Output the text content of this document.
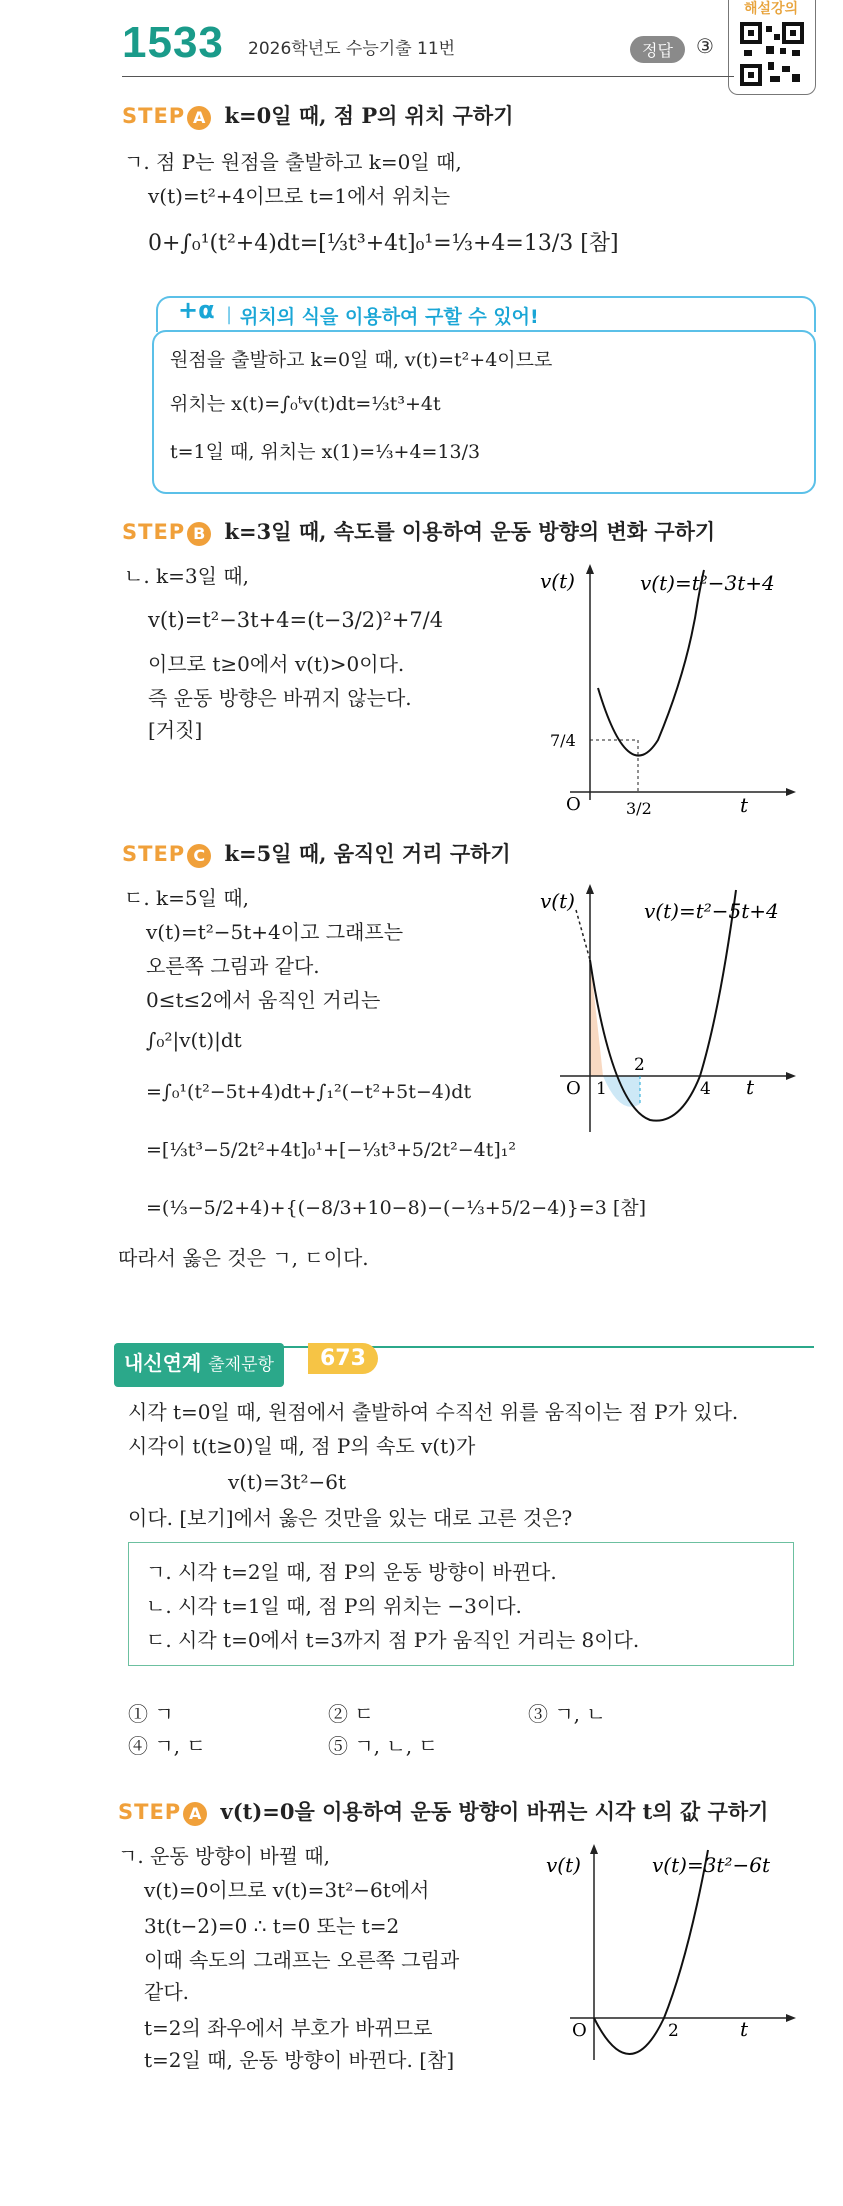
1533 2026학년도 수능기출 11번	정답	③
해설강의
STEP A k=0일 때, 점 P의 위치 구하기
ㄱ. 점 P는 원점을 출발하고 k=0일 때,
v(t)=t²+4이므로 t=1에서 위치는
0+∫₀¹(t²+4)dt=[⅓t³+4t]₀¹=⅓+4=13/3 [참]
+α | 위치의 식을 이용하여 구할 수 있어!
원점을 출발하고 k=0일 때, v(t)=t²+4이므로
위치는 x(t)=∫₀ᵗv(t)dt=⅓t³+4t
t=1일 때, 위치는 x(1)=⅓+4=13/3
STEP B k=3일 때, 속도를 이용하여 운동 방향의 변화 구하기
ㄴ. k=3일 때,
v(t)=t²−3t+4=(t−3/2)²+7/4
이므로 t≥0에서 v(t)>0이다.
즉 운동 방향은 바뀌지 않는다.
[거짓]
v(t)	v(t)=t²−3t+4
O	t
7/4
3/2
STEP C k=5일 때, 움직인 거리 구하기
ㄷ. k=5일 때,
v(t)=t²−5t+4이고 그래프는
오른쪽 그림과 같다.
0≤t≤2에서 움직인 거리는
∫₀²|v(t)|dt
=∫₀¹(t²−5t+4)dt+∫₁²(−t²+5t−4)dt
=[⅓t³−5/2t²+4t]₀¹+[−⅓t³+5/2t²−4t]₁²
=(⅓−5/2+4)+{(−8/3+10−8)−(−⅓+5/2−4)}=3 [참]
따라서 옳은 것은 ㄱ, ㄷ이다.
v(t)	v(t)=t²−5t+4
O 1
2
4 t
내신연계 출제문항	673
시각 t=0일 때, 원점에서 출발하여 수직선 위를 움직이는 점 P가 있다.
시각이 t(t≥0)일 때, 점 P의 속도 v(t)가
v(t)=3t²−6t
이다. [보기]에서 옳은 것만을 있는 대로 고른 것은?
ㄱ. 시각 t=2일 때, 점 P의 운동 방향이 바뀐다.
ㄴ. 시각 t=1일 때, 점 P의 위치는 −3이다.
ㄷ. 시각 t=0에서 t=3까지 점 P가 움직인 거리는 8이다.
① ㄱ	② ㄷ	③ ㄱ, ㄴ
④ ㄱ, ㄷ	⑤ ㄱ, ㄴ, ㄷ
STEP A v(t)=0을 이용하여 운동 방향이 바뀌는 시각 t의 값 구하기
ㄱ. 운동 방향이 바뀔 때,
v(t)=0이므로 v(t)=3t²−6t에서
3t(t−2)=0 ∴ t=0 또는 t=2
이때 속도의 그래프는 오른쪽 그림과
같다.
t=2의 좌우에서 부호가 바뀌므로
t=2일 때, 운동 방향이 바뀐다. [참]
v(t)	v(t)=3t²−6t
O	2	t
